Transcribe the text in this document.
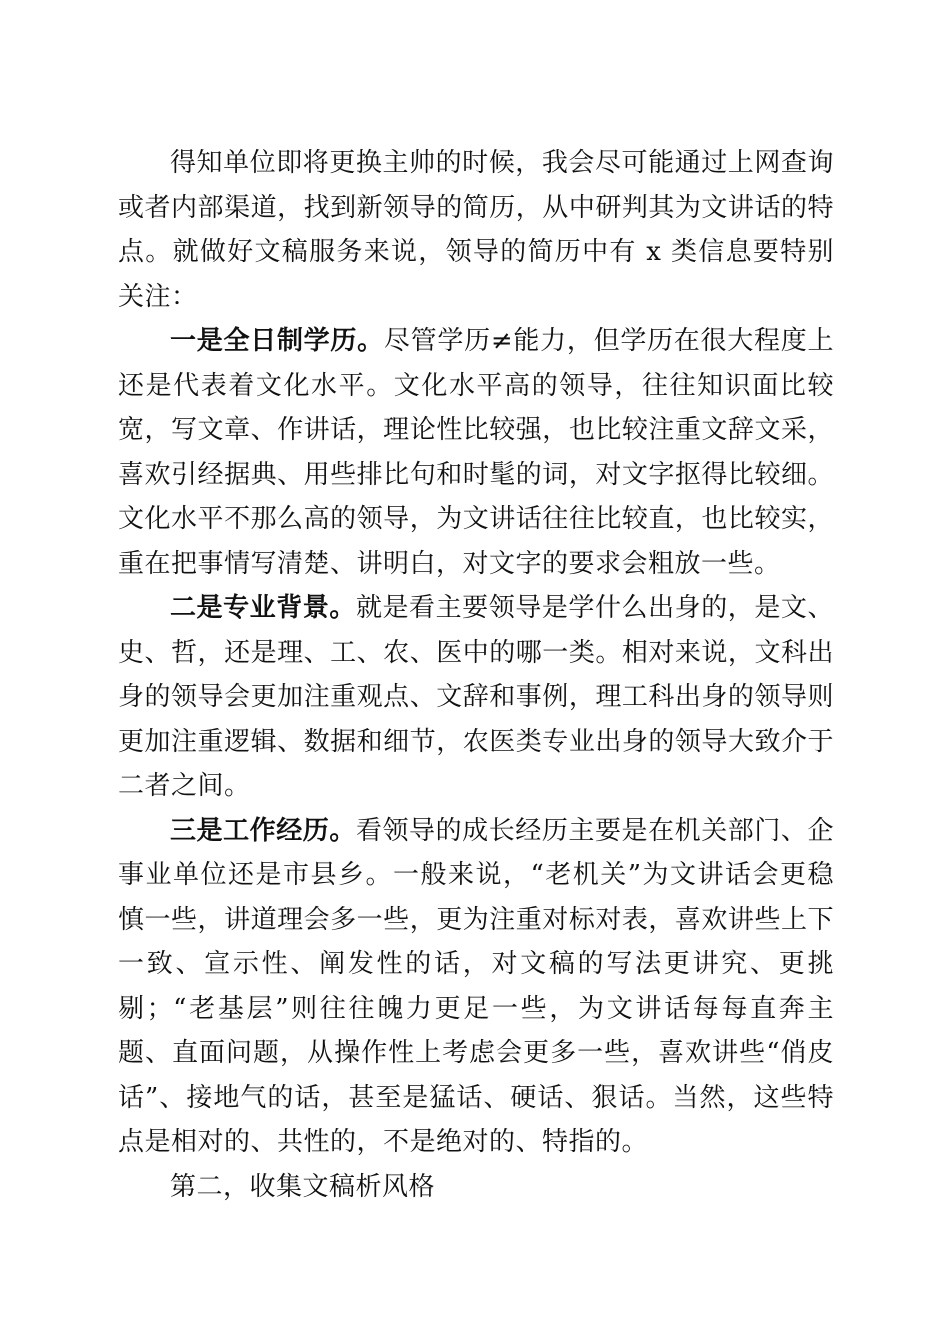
得知单位即将更换主帅的时候，我会尽可能通过上网查询或者内部渠道，找到新领导的简历，从中研判其为文讲话的特点。就做好文稿服务来说，领导的简历中有 x 类信息要特别关注：

一是全日制学历。尽管学历≠能力，但学历在很大程度上还是代表着文化水平。文化水平高的领导，往往知识面比较宽，写文章、作讲话，理论性比较强，也比较注重文辞文采，喜欢引经据典、用些排比句和时髦的词，对文字抠得比较细。文化水平不那么高的领导，为文讲话往往比较直，也比较实，重在把事情写清楚、讲明白，对文字的要求会粗放一些。

二是专业背景。就是看主要领导是学什么出身的，是文、史、哲，还是理、工、农、医中的哪一类。相对来说，文科出身的领导会更加注重观点、文辞和事例，理工科出身的领导则更加注重逻辑、数据和细节，农医类专业出身的领导大致介于二者之间。

三是工作经历。看领导的成长经历主要是在机关部门、企事业单位还是市县乡。一般来说，“老机关”为文讲话会更稳慎一些，讲道理会多一些，更为注重对标对表，喜欢讲些上下一致、宣示性、阐发性的话，对文稿的写法更讲究、更挑剔；“老基层”则往往魄力更足一些，为文讲话每每直奔主题、直面问题，从操作性上考虑会更多一些，喜欢讲些“俏皮话”、接地气的话，甚至是猛话、硬话、狠话。当然，这些特点是相对的、共性的，不是绝对的、特指的。

第二，收集文稿析风格
